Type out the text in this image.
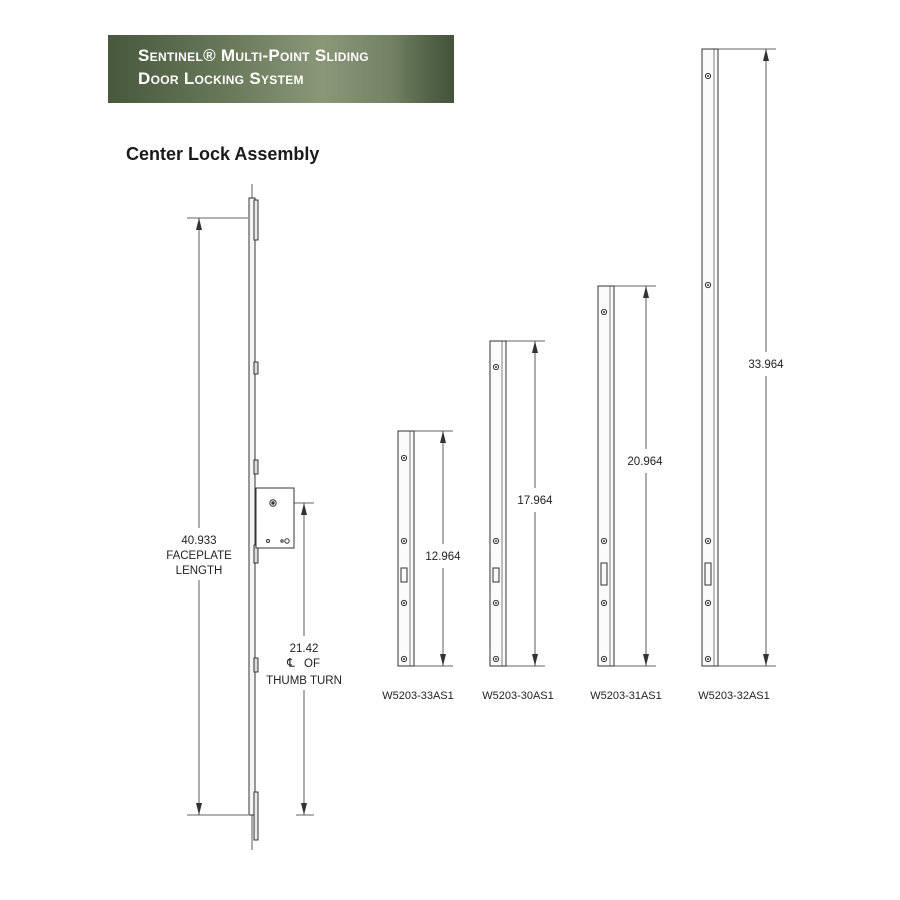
Sentinel® Multi-Point Sliding
Door Locking System
Center Lock Assembly
40.933
FACEPLATE
LENGTH
21.42
℄ OF
THUMB TURN
12.964
W5203-33AS1
17.964
W5203-30AS1
20.964
W5203-31AS1
33.964
W5203-32AS1
